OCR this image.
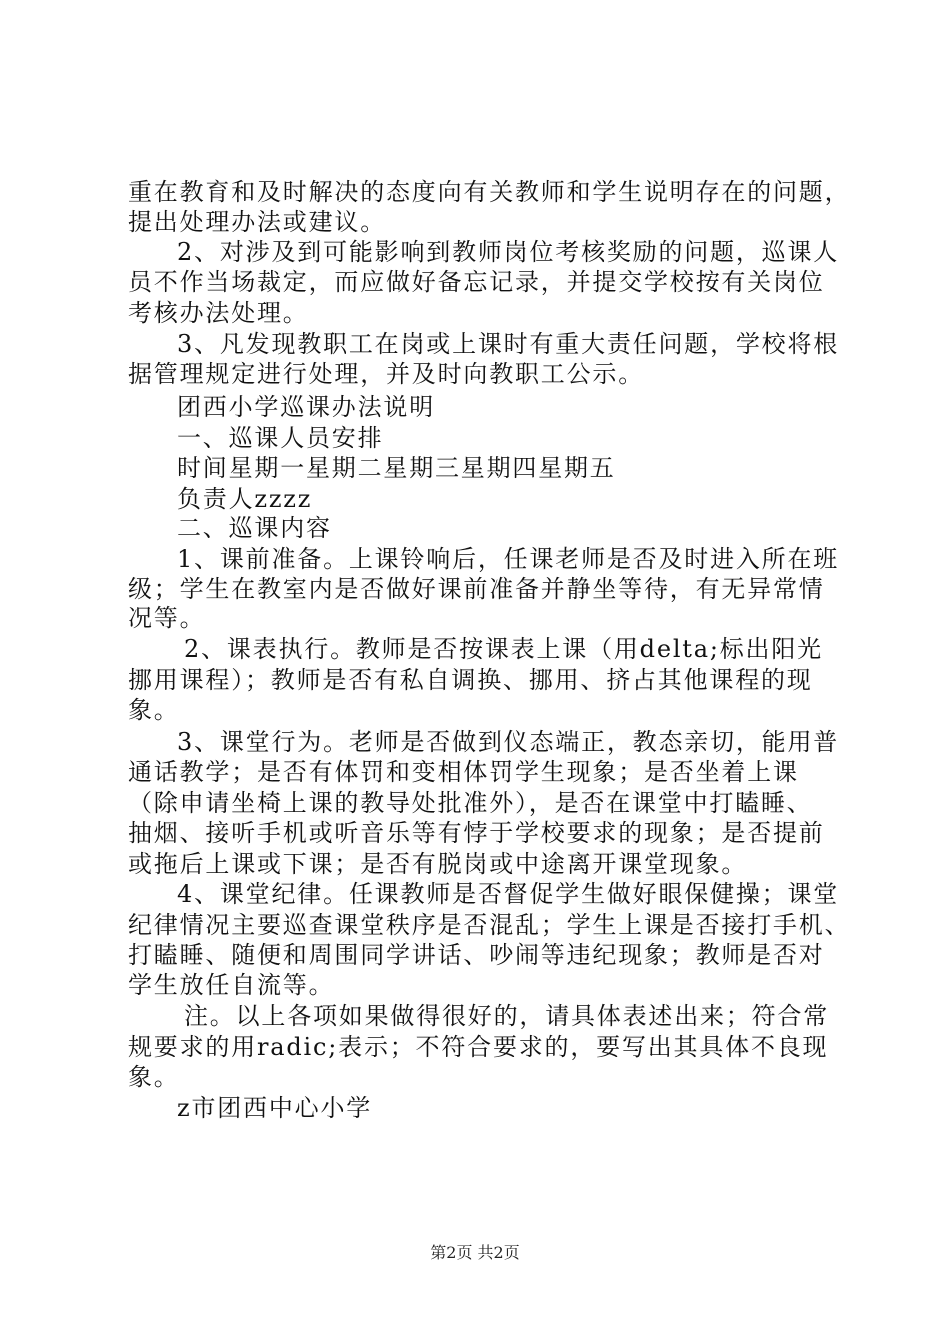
重在教育和及时解决的态度向有关教师和学生说明存在的问题，
提出处理办法或建议。
2、对涉及到可能影响到教师岗位考核奖励的问题，巡课人
员不作当场裁定，而应做好备忘记录，并提交学校按有关岗位
考核办法处理。
3、凡发现教职工在岗或上课时有重大责任问题，学校将根
据管理规定进行处理，并及时向教职工公示。
团西小学巡课办法说明
一、巡课人员安排
时间星期一星期二星期三星期四星期五
负责人zzzz
二、巡课内容
1、课前准备。上课铃响后，任课老师是否及时进入所在班
级；学生在教室内是否做好课前准备并静坐等待，有无异常情
况等。
2、课表执行。教师是否按课表上课（用delta;标出阳光
挪用课程）；教师是否有私自调换、挪用、挤占其他课程的现
象。
3、课堂行为。老师是否做到仪态端正，教态亲切，能用普
通话教学；是否有体罚和变相体罚学生现象；是否坐着上课
（除申请坐椅上课的教导处批准外），是否在课堂中打瞌睡、
抽烟、接听手机或听音乐等有悖于学校要求的现象；是否提前
或拖后上课或下课；是否有脱岗或中途离开课堂现象。
4、课堂纪律。任课教师是否督促学生做好眼保健操；课堂
纪律情况主要巡查课堂秩序是否混乱；学生上课是否接打手机、
打瞌睡、随便和周围同学讲话、吵闹等违纪现象；教师是否对
学生放任自流等。
注。以上各项如果做得很好的，请具体表述出来；符合常
规要求的用radic;表示；不符合要求的，要写出其具体不良现
象。
z市团西中心小学
第2页 共2页
